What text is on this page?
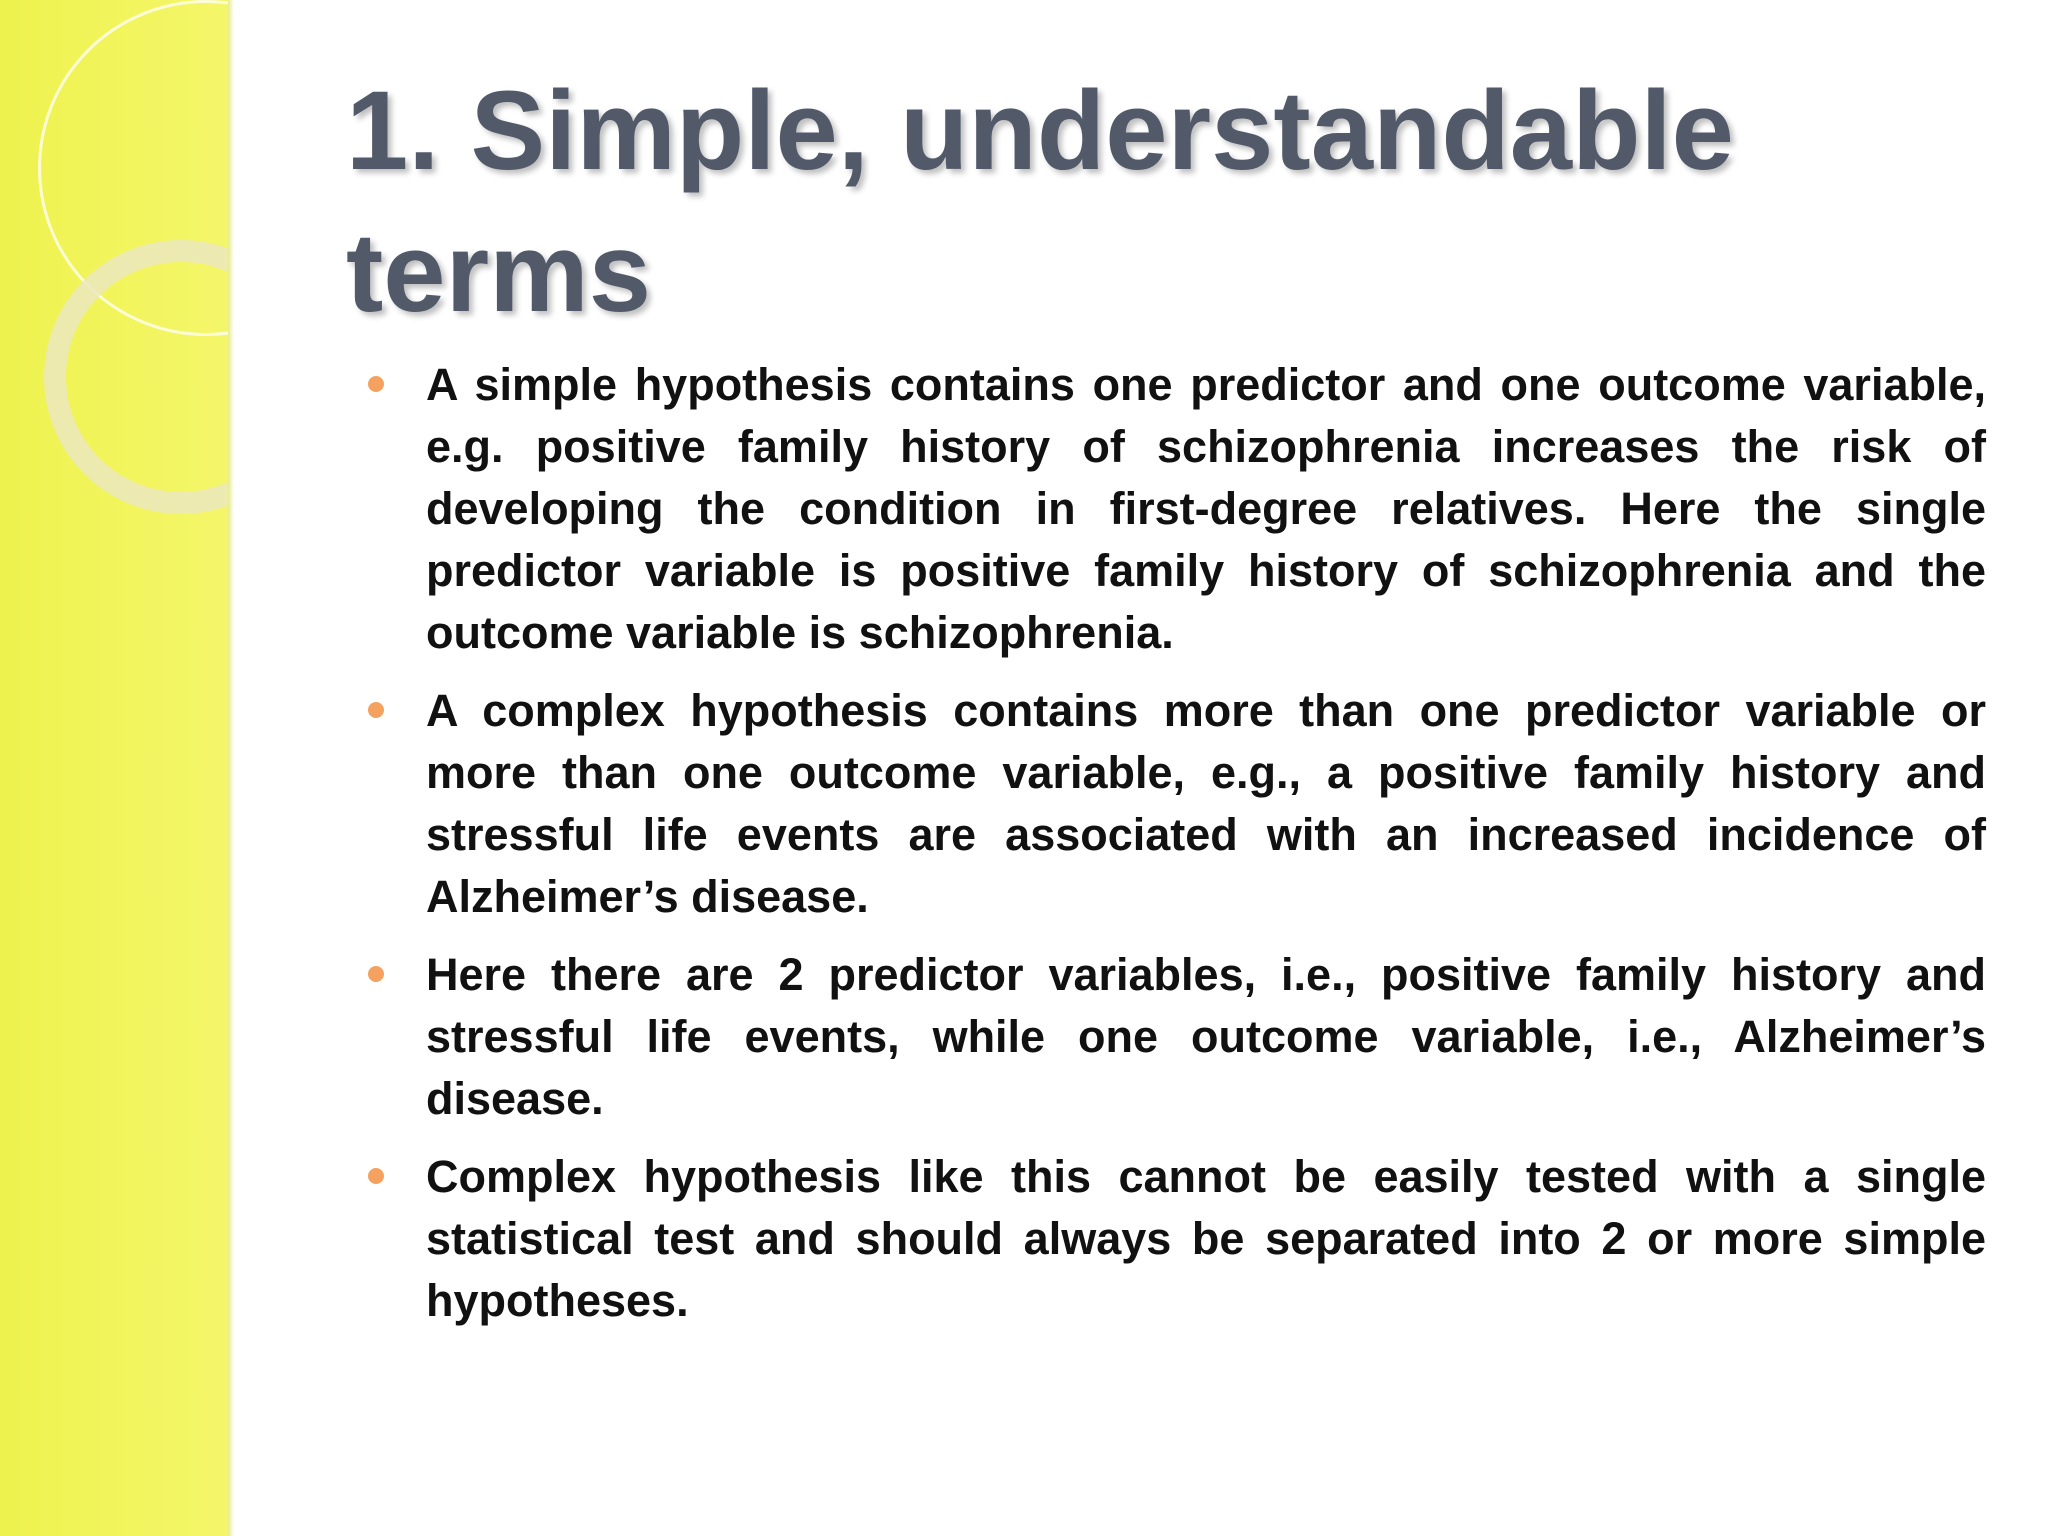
1. Simple, understandable terms
A simple hypothesis contains one predictor and one outcome variable, e.g. positive family history of schizophrenia increases the risk of developing the condition in first-degree relatives. Here the single predictor variable is positive family history of schizophrenia and the outcome variable is schizophrenia.
A complex hypothesis contains more than one predictor variable or more than one outcome variable, e.g., a positive family history and stressful life events are associated with an increased incidence of Alzheimer’s disease.
Here there are 2 predictor variables, i.e., positive family history and stressful life events, while one outcome variable, i.e., Alzheimer’s disease.
Complex hypothesis like this cannot be easily tested with a single statistical test and should always be separated into 2 or more simple hypotheses.
